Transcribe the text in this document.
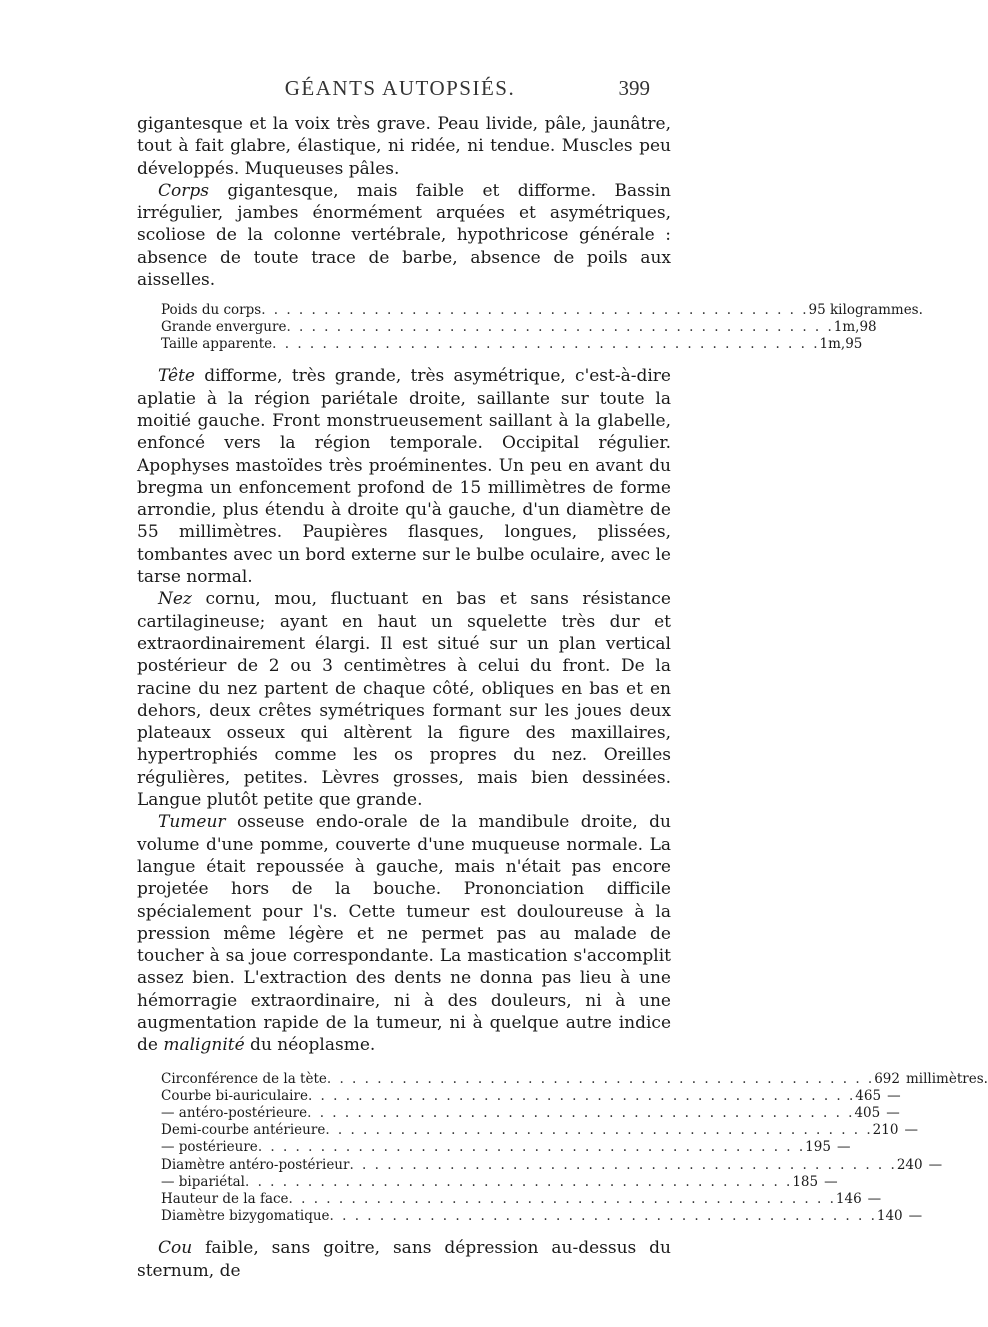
GÉANTS AUTOPSIÉS.	399

gigantesque et la voix très grave. Peau livide, pâle, jaunâtre, tout à fait glabre, élastique, ni ridée, ni tendue. Muscles peu développés. Muqueuses pâles.

Corps gigantesque, mais faible et difforme. Bassin irrégulier, jambes énormément arquées et asymétriques, scoliose de la colonne vertébrale, hypothricose générale : absence de toute trace de barbe, absence de poils aux aisselles.

Poids du corps . . . . . . . . . . . . . . . . . . . . . . . . . . . . . . . . . . . . . . . . . . . . 95 kilogrammes.
Grande envergure . . . . . . . . . . . . . . . . . . . . . . . . . . . . . . . . . . . . . . . . . . . . 1m,98
Taille apparente . . . . . . . . . . . . . . . . . . . . . . . . . . . . . . . . . . . . . . . . . . . . 1m,95

Tête difforme, très grande, très asymétrique, c'est-à-dire aplatie à la région pariétale droite, saillante sur toute la moitié gauche. Front monstrueusement saillant à la glabelle, enfoncé vers la région temporale. Occipital régulier. Apophyses mastoïdes très proéminentes. Un peu en avant du bregma un enfoncement profond de 15 millimètres de forme arrondie, plus étendu à droite qu'à gauche, d'un diamètre de 55 millimètres. Paupières flasques, longues, plissées, tombantes avec un bord externe sur le bulbe oculaire, avec le tarse normal.

Nez cornu, mou, fluctuant en bas et sans résistance cartilagineuse; ayant en haut un squelette très dur et extraordinairement élargi. Il est situé sur un plan vertical postérieur de 2 ou 3 centimètres à celui du front. De la racine du nez partent de chaque côté, obliques en bas et en dehors, deux crêtes symétriques formant sur les joues deux plateaux osseux qui altèrent la figure des maxillaires, hypertrophiés comme les os propres du nez. Oreilles régulières, petites. Lèvres grosses, mais bien dessinées. Langue plutôt petite que grande.

Tumeur osseuse endo-orale de la mandibule droite, du volume d'une pomme, couverte d'une muqueuse normale. La langue était repoussée à gauche, mais n'était pas encore projetée hors de la bouche. Prononciation difficile spécialement pour l's. Cette tumeur est douloureuse à la pression même légère et ne permet pas au malade de toucher à sa joue correspondante. La mastication s'accomplit assez bien. L'extraction des dents ne donna pas lieu à une hémorragie extraordinaire, ni à des douleurs, ni à une augmentation rapide de la tumeur, ni à quelque autre indice de malignité du néoplasme.

Circonférence de la tète . . . . . . . . . . . . . . . . . . . . . . . . . . . . . . . . . . . . . . . . . . . . 692 millimètres.
Courbe bi-auriculaire . . . . . . . . . . . . . . . . . . . . . . . . . . . . . . . . . . . . . . . . . . . . 465 —
— antéro-postérieure . . . . . . . . . . . . . . . . . . . . . . . . . . . . . . . . . . . . . . . . . . . . 405 —
Demi-courbe antérieure . . . . . . . . . . . . . . . . . . . . . . . . . . . . . . . . . . . . . . . . . . . . 210 —
— postérieure . . . . . . . . . . . . . . . . . . . . . . . . . . . . . . . . . . . . . . . . . . . . 195 —
Diamètre antéro-postérieur . . . . . . . . . . . . . . . . . . . . . . . . . . . . . . . . . . . . . . . . . . . . 240 —
— bipariétal . . . . . . . . . . . . . . . . . . . . . . . . . . . . . . . . . . . . . . . . . . . . 185 —
Hauteur de la face . . . . . . . . . . . . . . . . . . . . . . . . . . . . . . . . . . . . . . . . . . . . 146 —
Diamètre bizygomatique . . . . . . . . . . . . . . . . . . . . . . . . . . . . . . . . . . . . . . . . . . . . 140 —

Cou faible, sans goitre, sans dépression au-dessus du sternum, de
